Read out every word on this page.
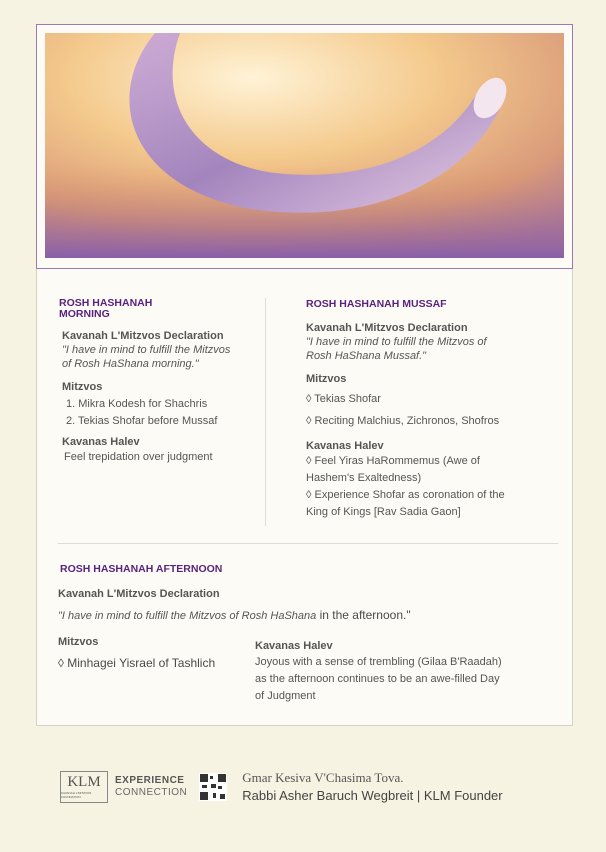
ROSH HASHANAH
MORNING
Kavanah L'Mitzvos Declaration
"I have in mind to fulfill the Mitzvos
of Rosh HaShana morning."
Mitzvos
1. Mikra Kodesh for Shachris
2. Tekias Shofar before Mussaf
Kavanas Halev
Feel trepidation over judgment
ROSH HASHANAH MUSSAF
Kavanah L'Mitzvos Declaration
"I have in mind to fulfill the Mitzvos of
Rosh HaShana Mussaf."
Mitzvos
◊ Tekias Shofar
◊ Reciting Malchius, Zichronos, Shofros
Kavanas Halev
◊ Feel Yiras HaRommemus (Awe of
Hashem's Exaltedness)
◊ Experience Shofar as coronation of the
King of Kings [Rav Sadia Gaon]
ROSH HASHANAH AFTERNOON
Kavanah L'Mitzvos Declaration
"I have in mind to fulfill the Mitzvos of Rosh HaShana in the afternoon."
Mitzvos
◊ Minhagei Yisrael of Tashlich
Kavanas Halev
Joyous with a sense of trembling (Gilaa B'Raadah)
as the afternoon continues to be an awe-filled Day
of Judgment
KLM
KAVANAH L'MITZVOS FOUNDATION
EXPERIENCE
CONNECTION
Gmar Kesiva V'Chasima Tova.
Rabbi Asher Baruch Wegbreit | KLM Founder
